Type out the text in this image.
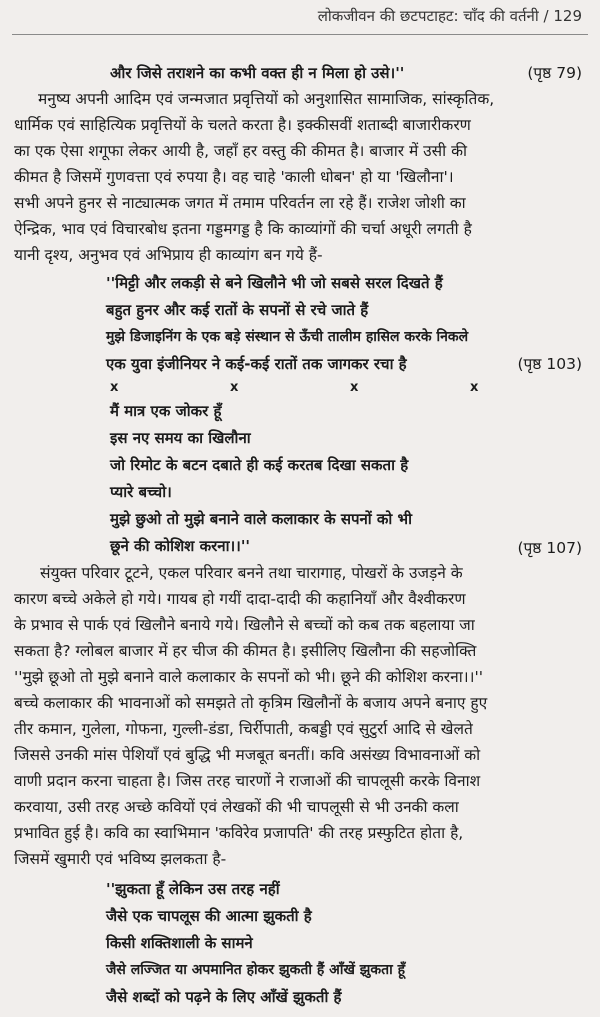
लोकजीवन की छटपटाहट: चाँद की वर्तनी / 129
और जिसे तराशने का कभी वक्त ही न मिला हो उसे।''	(पृष्ठ 79)
मनुष्य अपनी आदिम एवं जन्मजात प्रवृत्तियों को अनुशासित सामाजिक, सांस्कृतिक,
धार्मिक एवं साहित्यिक प्रवृत्तियों के चलते करता है। इक्कीसवीं शताब्दी बाजारीकरण
का एक ऐसा शगूफा लेकर आयी है, जहाँ हर वस्तु की कीमत है। बाजार में उसी की
कीमत है जिसमें गुणवत्ता एवं रुपया है। वह चाहे 'काली धोबन' हो या 'खिलौना'।
सभी अपने हुनर से नाट्यात्मक जगत में तमाम परिवर्तन ला रहे हैं। राजेश जोशी का
ऐन्द्रिक, भाव एवं विचारबोध इतना गड्डमगड्ड है कि काव्यांगों की चर्चा अधूरी लगती है
यानी दृश्य, अनुभव एवं अभिप्राय ही काव्यांग बन गये हैं-
''मिट्टी और लकड़ी से बने खिलौने भी जो सबसे सरल दिखते हैं
बहुत हुनर और कई रातों के सपनों से रचे जाते हैं
मुझे डिजाइनिंग के एक बड़े संस्थान से ऊँची तालीम हासिल करके निकले
एक युवा इंजीनियर ने कई-कई रातों तक जागकर रचा है	(पृष्ठ 103)
x	x	x	x
मैं मात्र एक जोकर हूँ
इस नए समय का खिलौना
जो रिमोट के बटन दबाते ही कई करतब दिखा सकता है
प्यारे बच्चो।
मुझे छुओ तो मुझे बनाने वाले कलाकार के सपनों को भी
छूने की कोशिश करना।।''	(पृष्ठ 107)
संयुक्त परिवार टूटने, एकल परिवार बनने तथा चारागाह, पोखरों के उजड़ने के
कारण बच्चे अकेले हो गये। गायब हो गयीं दादा-दादी की कहानियाँ और वैश्वीकरण
के प्रभाव से पार्क एवं खिलौने बनाये गये। खिलौने से बच्चों को कब तक बहलाया जा
सकता है? ग्लोबल बाजार में हर चीज की कीमत है। इसीलिए खिलौना की सहजोक्ति
''मुझे छूओ तो मुझे बनाने वाले कलाकार के सपनों को भी। छूने की कोशिश करना।।''
बच्चे कलाकार की भावनाओं को समझते तो कृत्रिम खिलौनों के बजाय अपने बनाए हुए
तीर कमान, गुलेला, गोफना, गुल्ली-डंडा, चिर्रीपाती, कबड्डी एवं सुटुर्रा आदि से खेलते
जिससे उनकी मांस पेशियाँ एवं बुद्धि भी मजबूत बनतीं। कवि असंख्य विभावनाओं को
वाणी प्रदान करना चाहता है। जिस तरह चारणों ने राजाओं की चापलूसी करके विनाश
करवाया, उसी तरह अच्छे कवियों एवं लेखकों की भी चापलूसी से भी उनकी कला
प्रभावित हुई है। कवि का स्वाभिमान 'कविरेव प्रजापति' की तरह प्रस्फुटित होता है,
जिसमें खुमारी एवं भविष्य झलकता है-
''झुकता हूँ लेकिन उस तरह नहीं
जैसे एक चापलूस की आत्मा झुकती है
किसी शक्तिशाली के सामने
जैसे लज्जित या अपमानित होकर झुकती हैं आँखें झुकता हूँ
जैसे शब्दों को पढ़ने के लिए आँखें झुकती हैं
